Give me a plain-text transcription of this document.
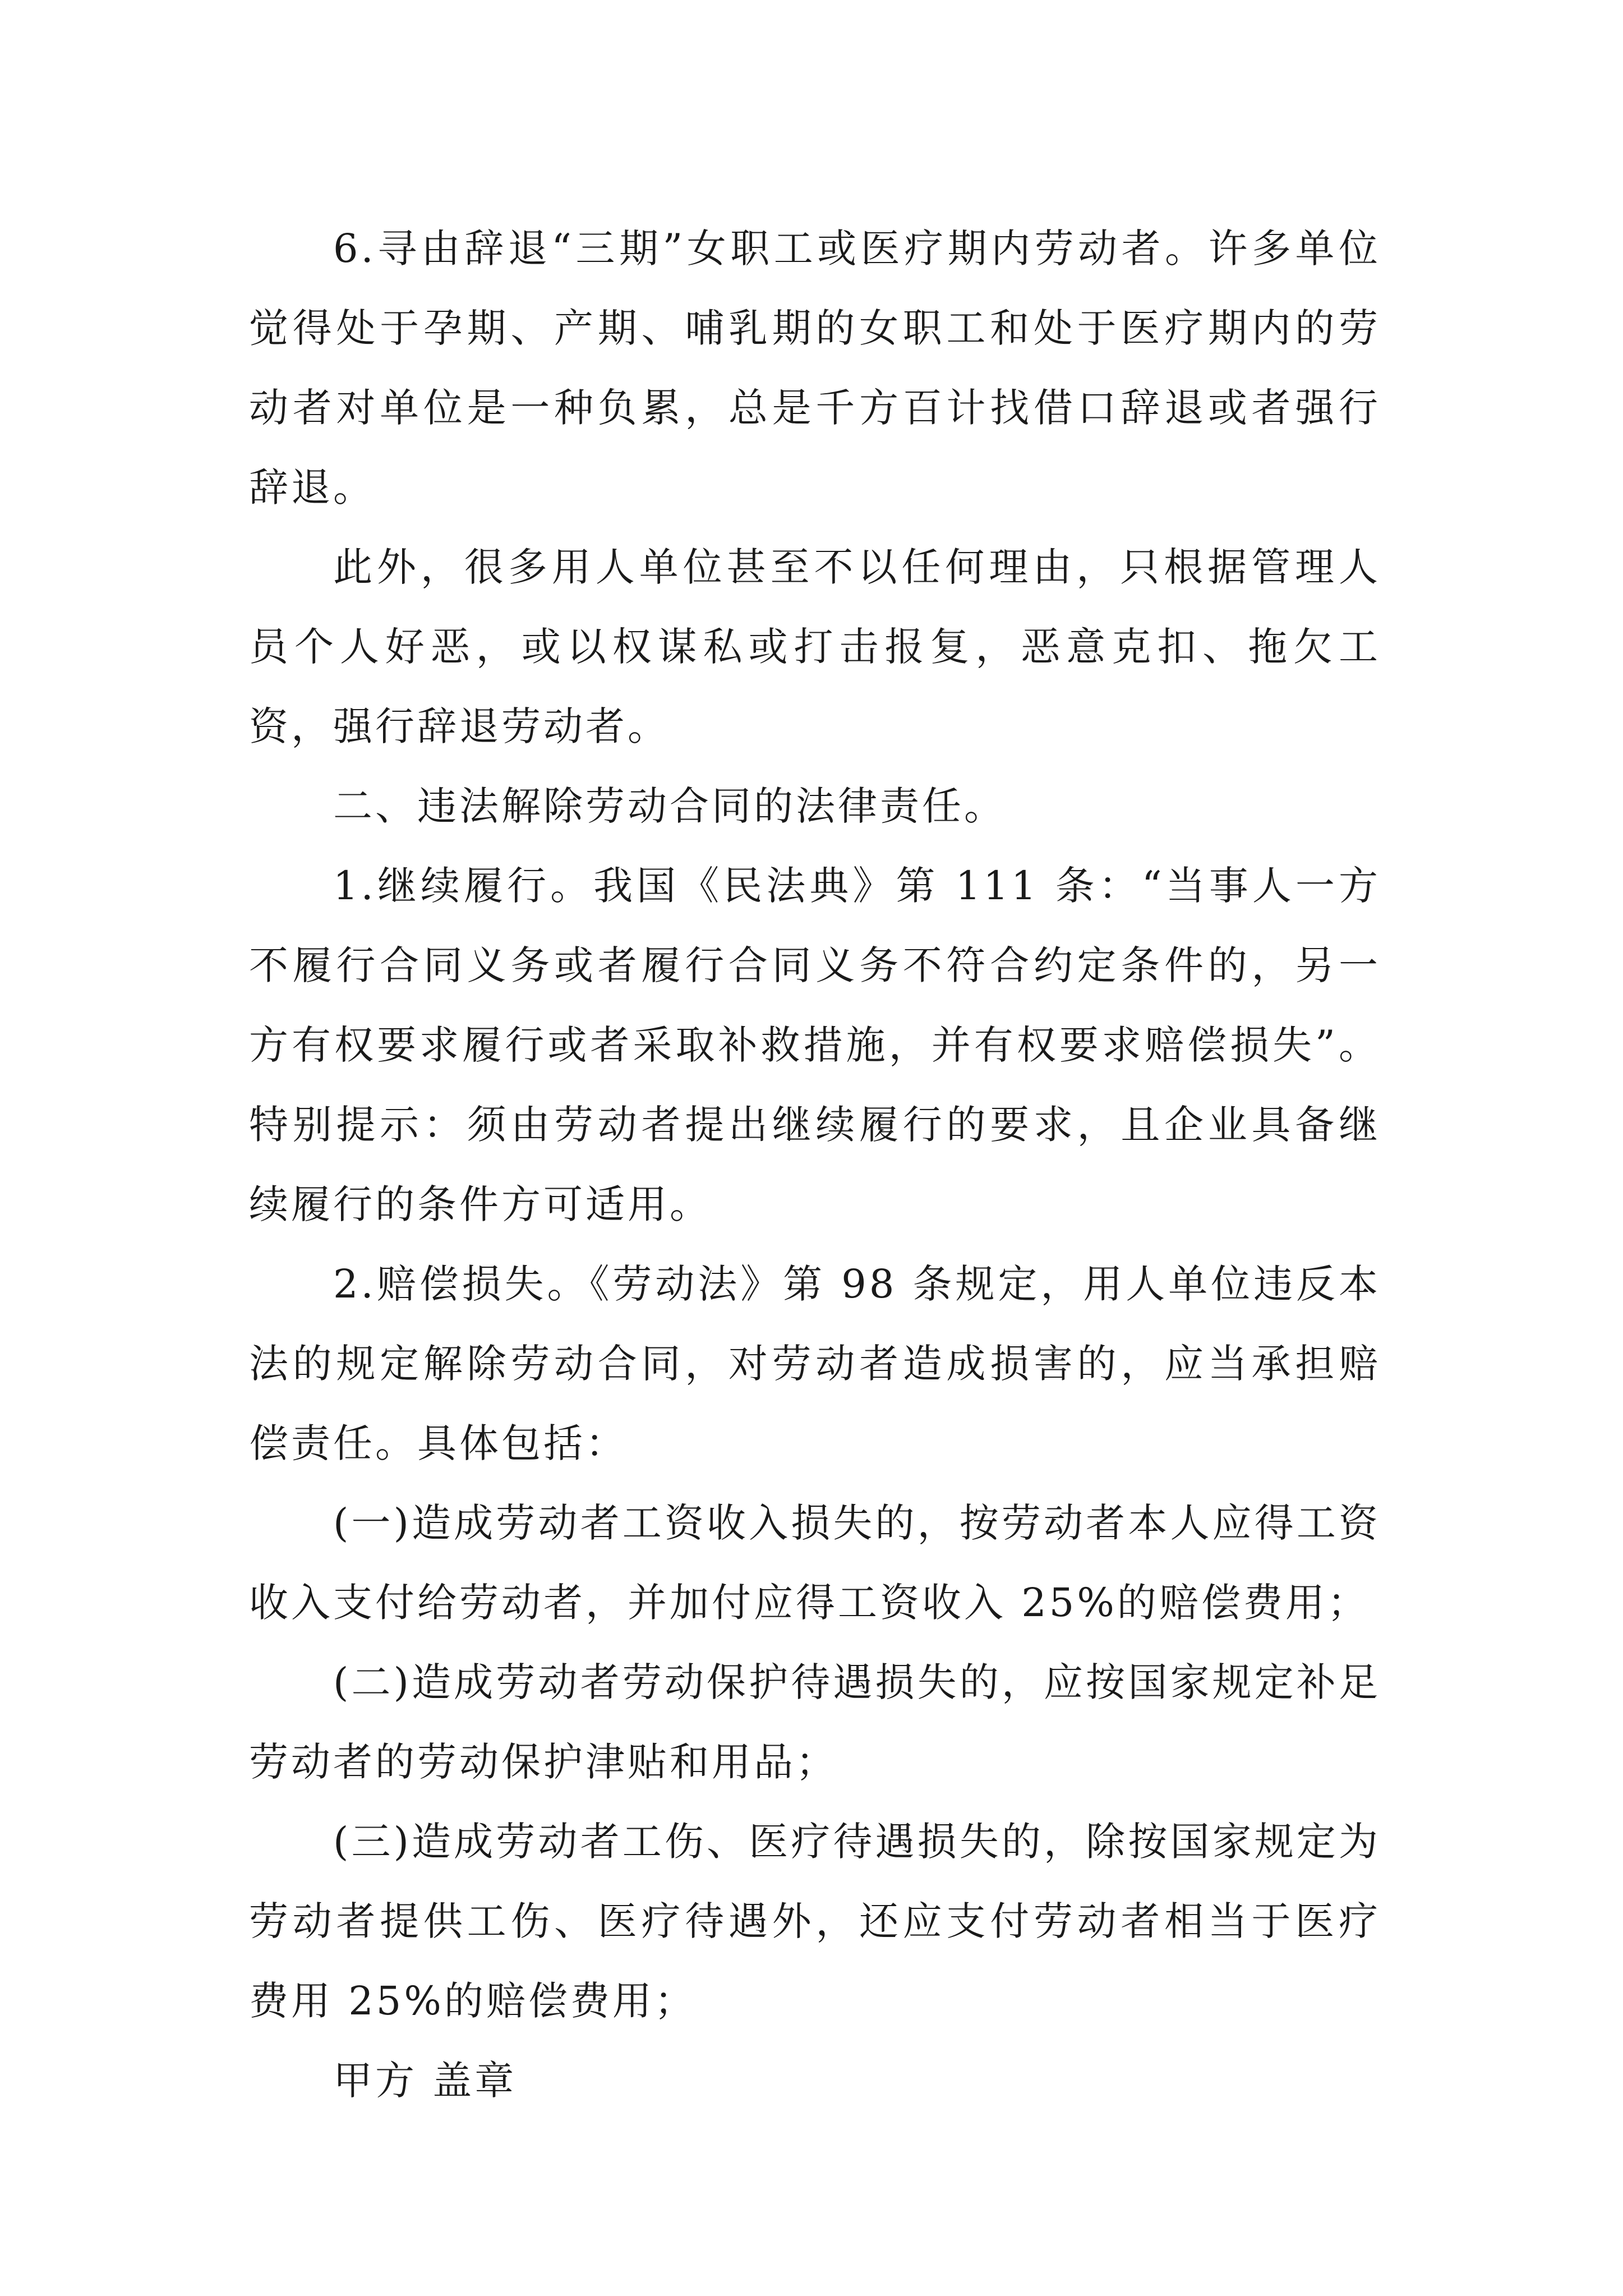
6.寻由辞退“三期”女职工或医疗期内劳动者。许多单位觉得处于孕期、产期、哺乳期的女职工和处于医疗期内的劳动者对单位是一种负累，总是千方百计找借口辞退或者强行辞退。

此外，很多用人单位甚至不以任何理由，只根据管理人员个人好恶，或以权谋私或打击报复，恶意克扣、拖欠工资，强行辞退劳动者。

二、违法解除劳动合同的法律责任。

1.继续履行。我国《民法典》第 111 条：“当事人一方不履行合同义务或者履行合同义务不符合约定条件的，另一方有权要求履行或者采取补救措施，并有权要求赔偿损失”。特别提示：须由劳动者提出继续履行的要求，且企业具备继续履行的条件方可适用。

2.赔偿损失。《劳动法》第 98 条规定，用人单位违反本法的规定解除劳动合同，对劳动者造成损害的，应当承担赔偿责任。具体包括：

(一)造成劳动者工资收入损失的，按劳动者本人应得工资收入支付给劳动者，并加付应得工资收入 25%的赔偿费用；

(二)造成劳动者劳动保护待遇损失的，应按国家规定补足劳动者的劳动保护津贴和用品；

(三)造成劳动者工伤、医疗待遇损失的，除按国家规定为劳动者提供工伤、医疗待遇外，还应支付劳动者相当于医疗费用 25%的赔偿费用；

甲方 盖章
